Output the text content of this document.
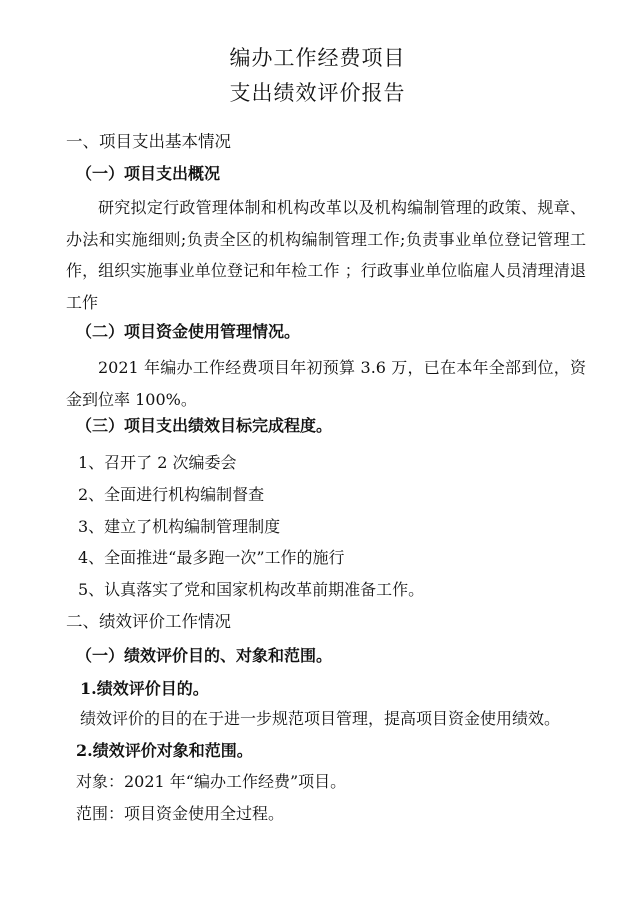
编办工作经费项目
支出绩效评价报告
一、项目支出基本情况
（一）项目支出概况
研究拟定行政管理体制和机构改革以及机构编制管理的政策、规章、办法和实施细则;负责全区的机构编制管理工作;负责事业单位登记管理工作，组织实施事业单位登记和年检工作 ；行政事业单位临雇人员清理清退工作
（二）项目资金使用管理情况。
2021 年编办工作经费项目年初预算 3.6 万，已在本年全部到位，资金到位率 100%。
（三）项目支出绩效目标完成程度。
1、召开了 2 次编委会
2、全面进行机构编制督查
3、建立了机构编制管理制度
4、全面推进“最多跑一次”工作的施行
5、认真落实了党和国家机构改革前期准备工作。
二、绩效评价工作情况
（一）绩效评价目的、对象和范围。
1.绩效评价目的。
绩效评价的目的在于进一步规范项目管理，提高项目资金使用绩效。
2.绩效评价对象和范围。
对象：2021 年“编办工作经费”项目。
范围：项目资金使用全过程。
